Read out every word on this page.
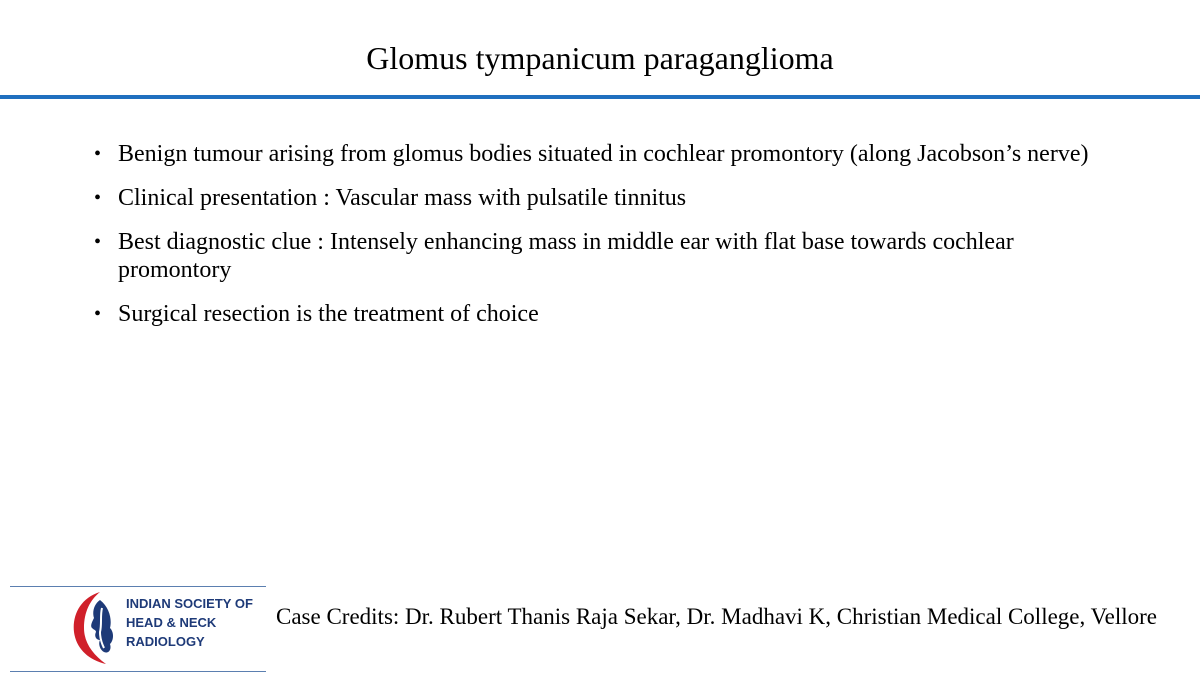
Glomus tympanicum paraganglioma
• Benign tumour arising from glomus bodies situated in cochlear promontory (along Jacobson’s nerve)
• Clinical presentation : Vascular mass with pulsatile tinnitus
• Best diagnostic clue : Intensely enhancing mass in middle ear with flat base towards cochlear promontory
• Surgical resection is the treatment of choice
INDIAN SOCIETY OF
HEAD & NECK
RADIOLOGY
Case Credits: Dr. Rubert Thanis Raja Sekar, Dr. Madhavi K, Christian Medical College, Vellore
